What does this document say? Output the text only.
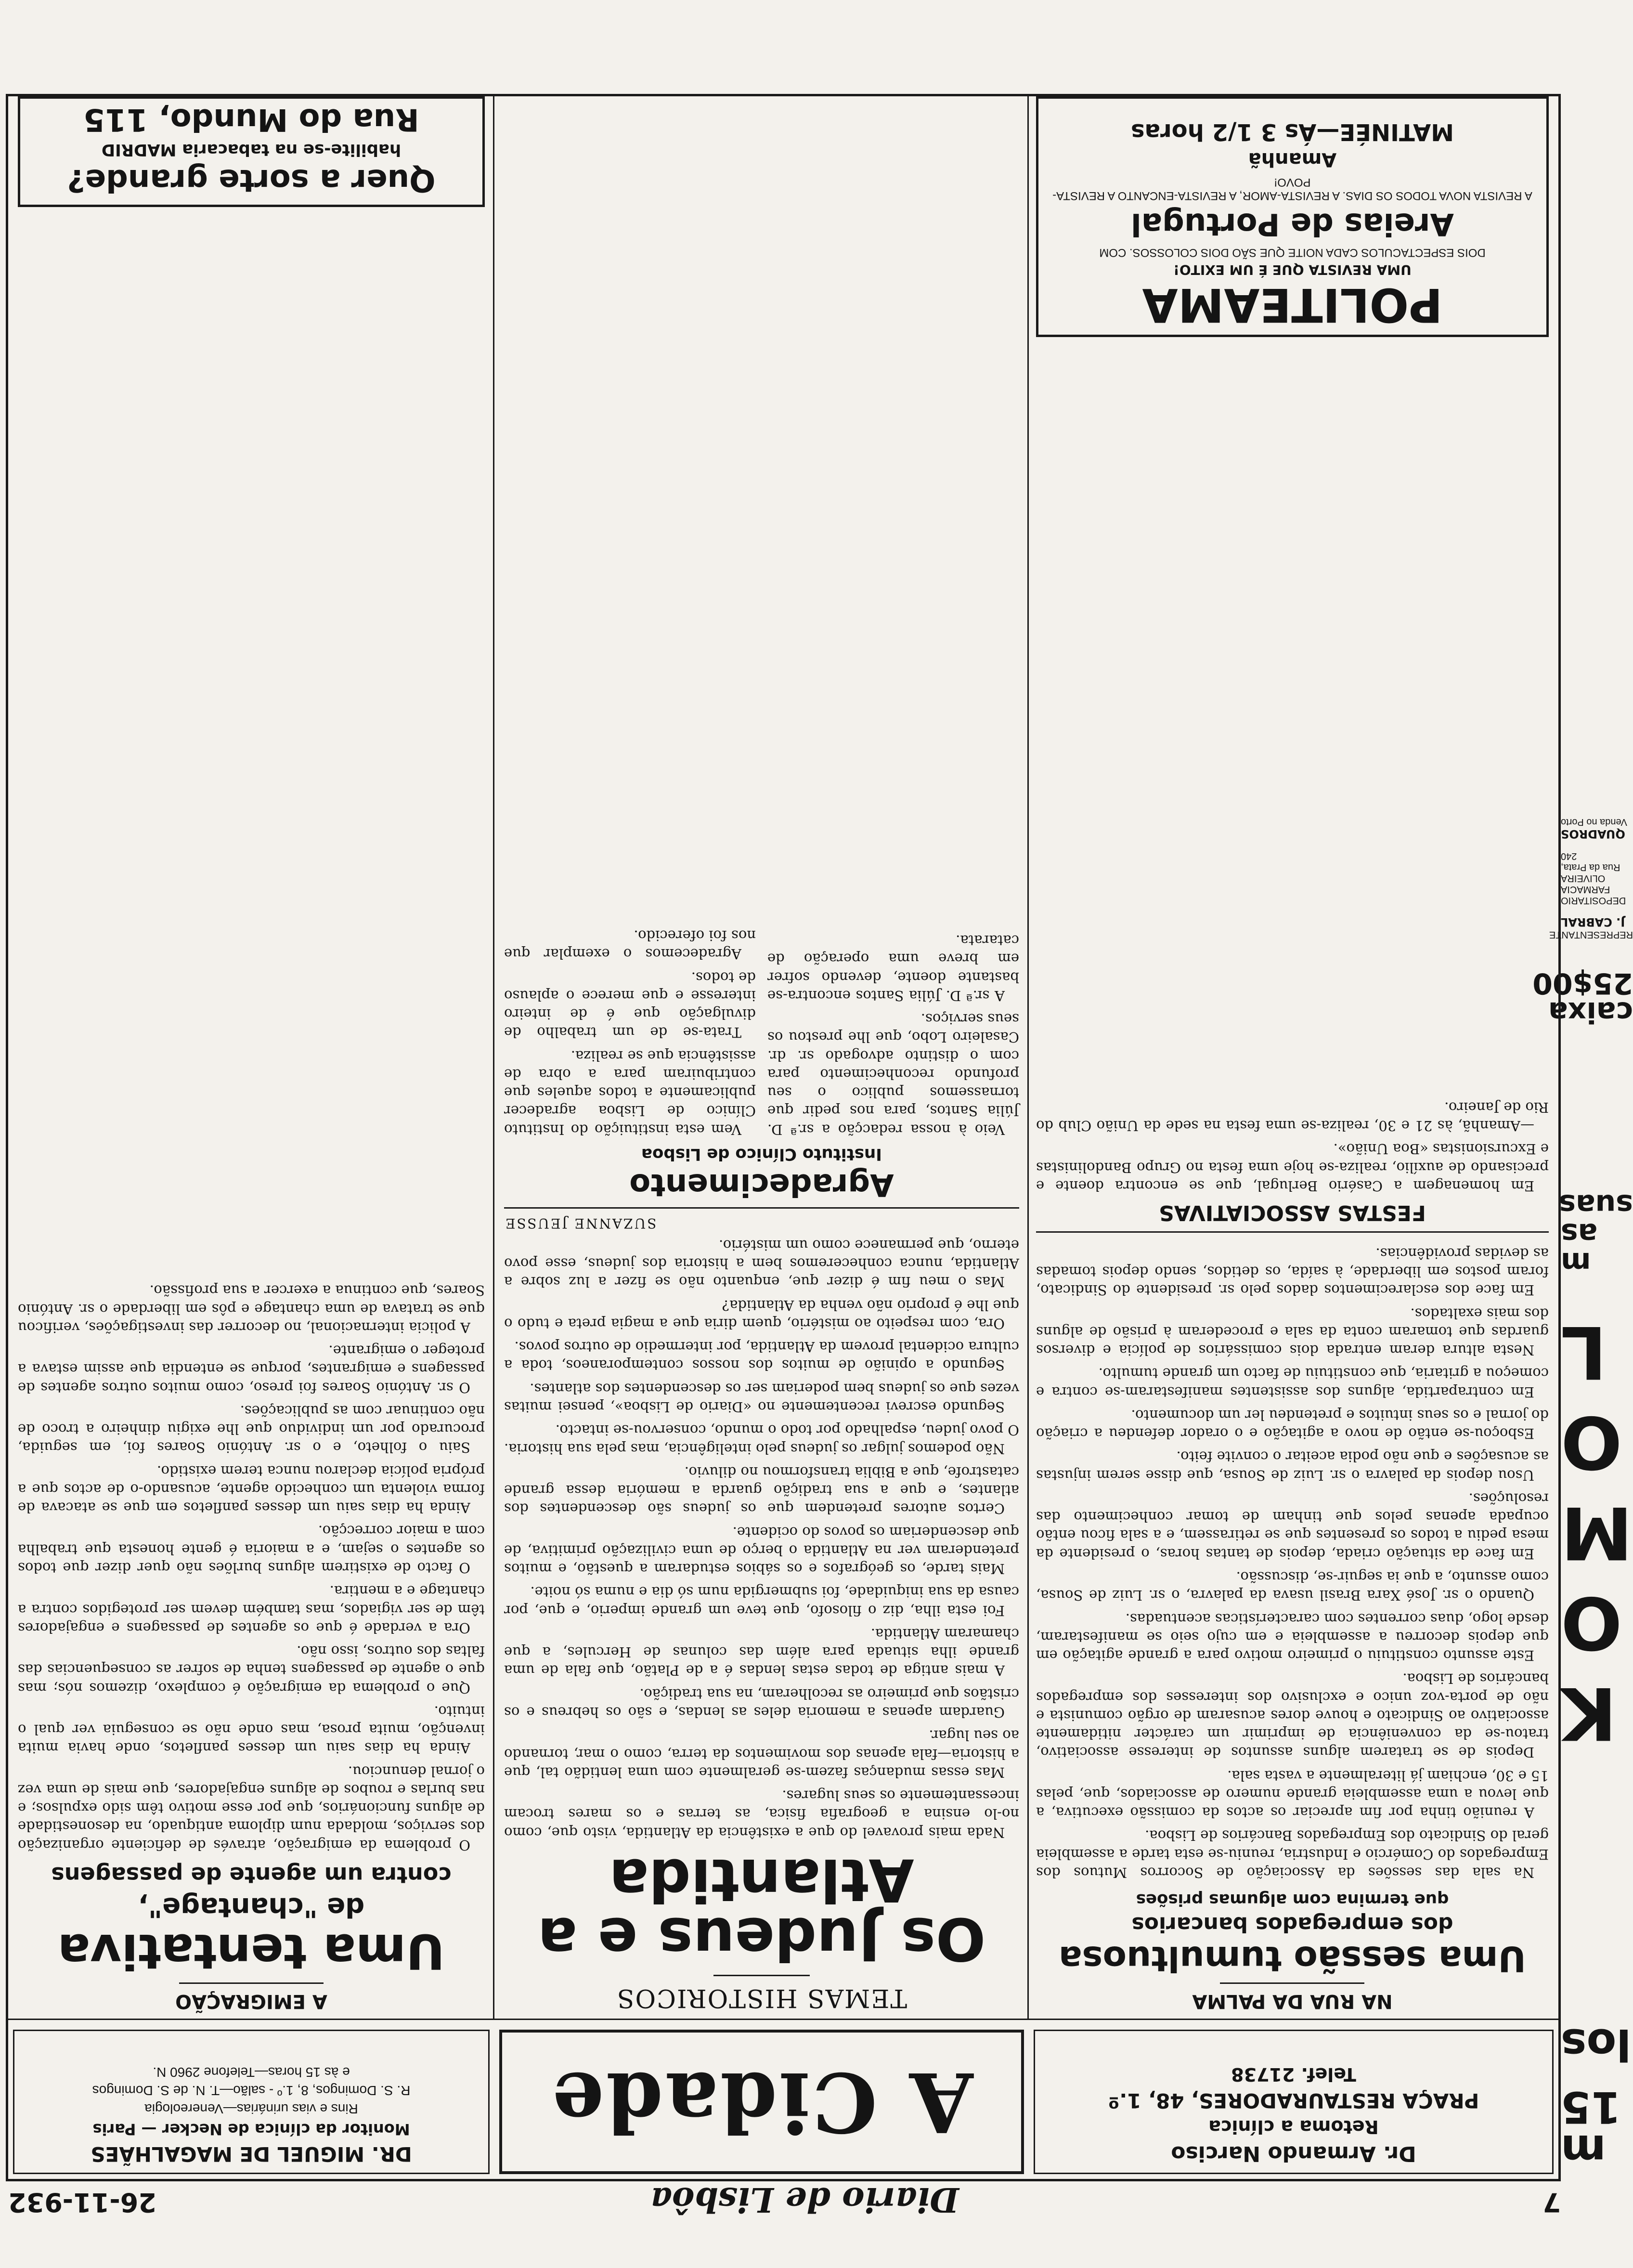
7
Diario de Lisbôa
26-11-932
m 15
los
K O M O L
m as suas
caixa 25$00
REPRESENTANTE
J. CABRAL
DEPOSITARIO
FARMACIA OLIVEIRA
Rua da Prata, 240
QUADROS
Venda no Porto
Dr. Armando Narciso
Retoma a clínica
PRAÇA RESTAURADORES, 48, 1.º
Telef. 21738
A Cidade
DR. MIGUEL DE MAGALHÃES
Monitor da clínica de Necker — Paris
Rins e vias urinárias—Venereologia
R. S. Domingos, 8, 1.º - salão—T. N. de S. Domingos
e às 15 horas—Telefone 2960 N.
NA RUA DA PALMA
Uma sessão tumultuosa
dos empregados bancarios
que termina com algumas prisões

Na sala das sessões da Associação de Socorros Mutuos dos Empregados do Comércio e Industria, reuniu-se esta tarde a assembleia geral do Sindicato dos Empregados Bancários de Lisboa.

A reunião tinha por fim apreciar os actos da comissão executiva, a que levou a uma assembleia grande numero de associados, que, pelas 15 e 30, enchiam já literalmente a vasta sala.

Depois de se tratarem alguns assuntos de interesse associativo, tratou-se da conveniência de imprimir um carácter nitidamente associativo ao Sindicato e houve dores acusaram de orgão comunista e não de porta-voz unico e exclusivo dos interesses dos empregados bancários de Lisboa.

Este assunto constituiu o primeiro motivo para a grande agitação em que depois decorreu a assembleia e em cujo seio se manifestaram, desde logo, duas correntes com características acentuadas.

Quando o sr. José Xara Brasil usava da palavra, o sr. Luiz de Sousa, como assunto, a que ia seguir-se, discussão.

Em face da situação criada, depois de tantas horas, o presidente da mesa pediu a todos os presentes que se retirassem, e a sala ficou então ocupada apenas pelos que tinham de tomar conhecimento das resoluções.

Usou depois da palavra o sr. Luiz de Sousa, que disse serem injustas as acusações e que não podia aceitar o convite feito.

Esboçou-se então de novo a agitação e o orador defendeu a criação do jornal e os seus intuitos e pretendeu ler um documento.

Em contrapartida, alguns dos assistentes manifestaram-se contra e começou a gritaria, que constituiu de facto um grande tumulto.

Nesta altura deram entrada dois comissários de polícia e diversos guardas que tomaram conta da sala e procederam à prisão de alguns dos mais exaltados.

Em face dos esclarecimentos dados pelo sr. presidente do Sindicato, foram postos em liberdade, à saída, os detidos, sendo depois tomadas as devidas providências.

FESTAS ASSOCIATIVAS

Em homenagem a Casério Berlugal, que se encontra doente e precisando de auxílio, realiza-se hoje uma festa no Grupo Bandolinistas e Excursionistas «Boa União».

—Amanhã, às 21 e 30, realiza-se uma festa na sede da União Club do Rio de Janeiro.

POLITEAMA
UMA REVISTA QUE É UM EXITO!
DOIS ESPECTACULOS CADA NOITE QUE SÃO DOIS COLOSSOS. COM
Areias de Portugal
A REVISTA NOVA TODOS OS DIAS. A REVISTA-AMOR, A REVISTA-ENCANTO A REVISTA-POVO!
Amanhã
MATINÉE—Ás 3 1/2 horas
TEMAS HISTORICOS
Os Judeus e a Atlantida

Nada mais provavel do que a existência da Atlantida, visto que, como no-lo ensina a geografia fisica, as terras e os mares trocam incessantemente os seus lugares.

Mas essas mudanças fazem-se geralmente com uma lentidão tal, que a historia—fala apenas dos movimentos da terra, como o mar, tornando ao seu lugar.

Guardam apenas a memoria deles as lendas, e são os hebreus e os cristãos que primeiro as recolheram, na sua tradição.

A mais antiga de todas estas lendas é a de Platão, que fala de uma grande ilha situada para além das colunas de Hercules, a que chamaram Atlantida.

Foi esta ilha, diz o filosofo, que teve um grande imperio, e que, por causa da sua iniquidade, foi submergida num só dia e numa só noite.

Mais tarde, os geógrafos e os sábios estudaram a questão, e muitos pretenderam ver na Atlantida o berço de uma civilização primitiva, de que descenderiam os povos do ocidente.

Certos autores pretendem que os judeus são descendentes dos atlantes, e que a sua tradição guarda a memória dessa grande catastrofe, que a Biblia transformou no diluvio.

Não podemos julgar os judeus pelo inteligência, mas pela sua historia. O povo judeu, espalhado por todo o mundo, conservou-se intacto.

Segundo escrevi recentemente no «Diario de Lisboa», pensei muitas vezes que os judeus bem poderiam ser os descendentes dos atlantes.

Segundo a opinião de muitos dos nossos contemporaneos, toda a cultura ocidental provem da Atlantida, por intermedio de outros povos.

Ora, com respeito ao mistério, quem diria que a magia preta e tudo o que lhe é proprio não venha da Atlantida?

Mas o meu fim é dizer que, enquanto não se fizer a luz sobre a Atlantida, nunca conheceremos bem a historia dos judeus, esse povo eterno, que permanece como um mistério.

SUZANNE JEUSSE
Agradecimento
Instituto Clínico de Lisboa

Veio à nossa redacção a sr.ª D. Júlia Santos, para nos pedir que tornassemos publico o seu profundo reconhecimento para com o distinto advogado sr. dr. Casaleiro Lobo, que lhe prestou os seus serviços.

A sr.ª D. Júlia Santos encontra-se bastante doente, devendo sofrer em breve uma operação de catarata.

Vem esta instituição do Instituto Clínico de Lisboa agradecer publicamente a todos aqueles que contribuiram para a obra de assistência que se realiza.

Trata-se de um trabalho de divulgação que é de inteiro interesse e que merece o aplauso de todos.

Agradecemos o exemplar que nos foi oferecido.

A EMIGRAÇÃO
Uma tentativa
de "chantage",
contra um agente de passagens

O problema da emigração, através de deficiente organização dos serviços, moldada num diploma antiquado, na desonestidade de alguns funcionários, que por esse motivo têm sido expulsos; e nas burlas e roubos de alguns engajadores, que mais de uma vez o jornal denunciou.

Ainda ha dias saiu um desses panfletos, onde havia muita invenção, muita prosa, mas onde não se conseguia ver qual o intuito.

Que o problema da emigração é complexo, dizemos nós; mas que o agente de passagens tenha de sofrer as consequencias das faltas dos outros, isso não.

Ora a verdade é que os agentes de passagens e engajadores têm de ser vigiados, mas também devem ser protegidos contra a chantage e a mentira.

O facto de existirem alguns burlões não quer dizer que todos os agentes o sejam, e a maioria é gente honesta que trabalha com a maior correcção.

Ainda ha dias saiu um desses panfletos em que se atacava de forma violenta um conhecido agente, acusando-o de actos que a própria polícia declarou nunca terem existido.

Saiu o folheto, e o sr. António Soares foi, em seguida, procurado por um individuo que lhe exigiu dinheiro a troco de não continuar com as publicações.

O sr. António Soares foi preso, como muitos outros agentes de passagens e emigrantes, porque se entendia que assim estava a proteger o emigrante.

A policia internacional, no decorrer das investigações, verificou que se tratava de uma chantage e pôs em liberdade o sr. António Soares, que continua a exercer a sua profissão.

Quer a sorte grande?
habilite-se na tabacaria MADRID
Rua do Mundo, 115
